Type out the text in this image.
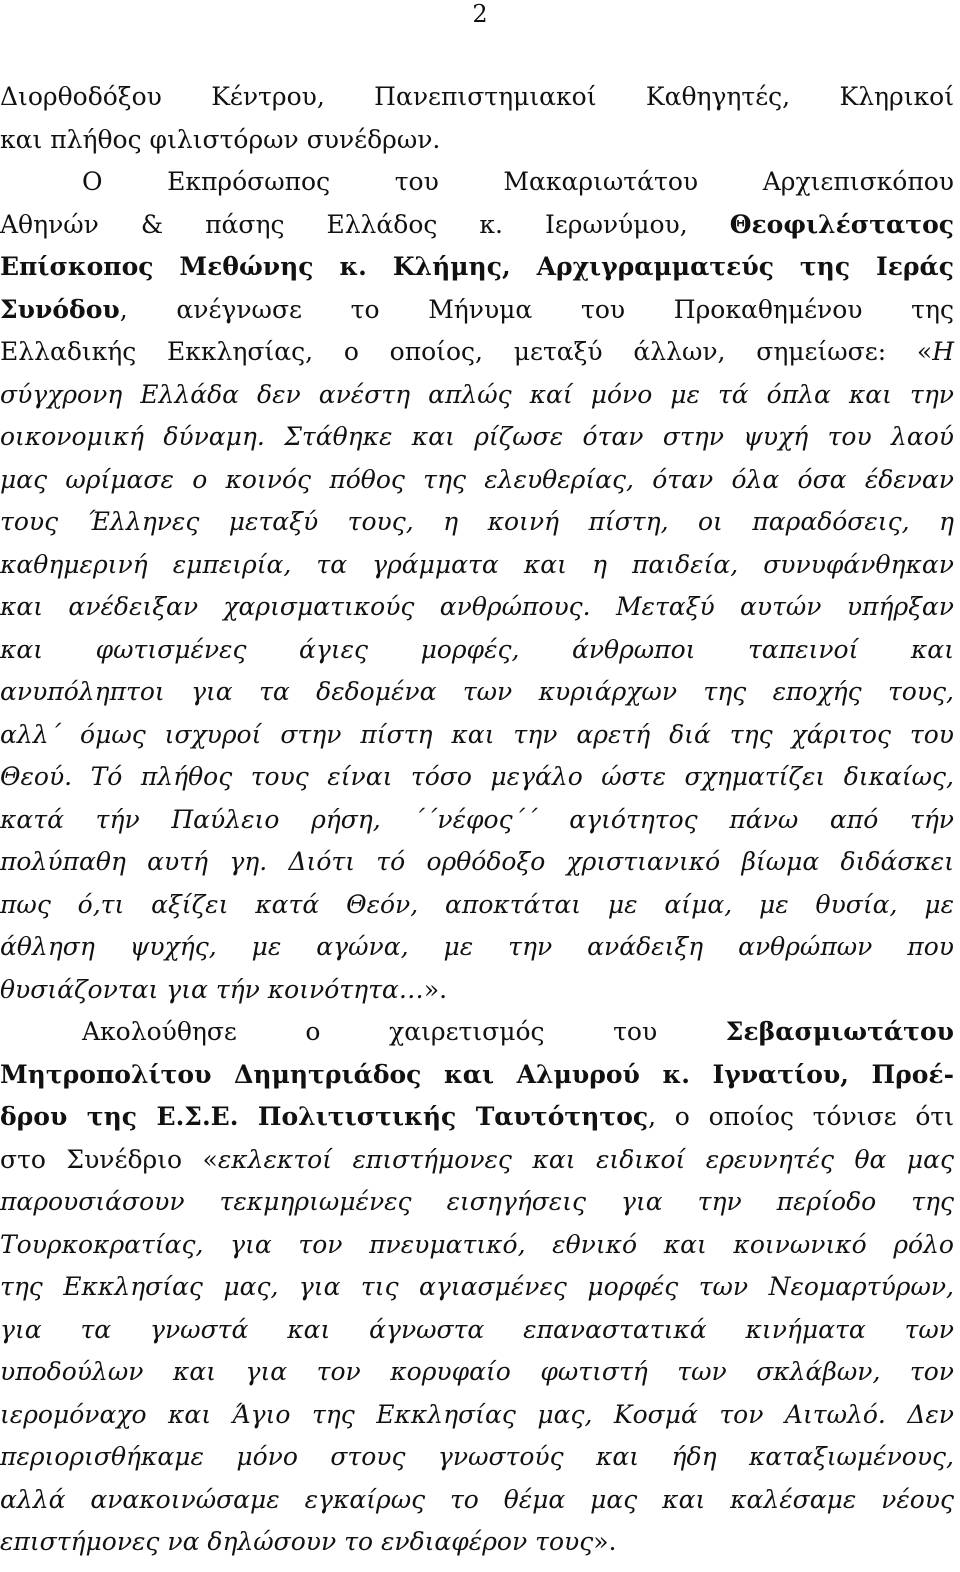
2
Διορθοδόξου Κέντρου, Πανεπιστημιακοί Καθηγητές, Κληρικοί
και πλήθος φιλιστόρων συνέδρων.
Ο Εκπρόσωπος του Μακαριωτάτου Αρχιεπισκόπου
Αθηνών & πάσης Ελλάδος κ. Ιερωνύμου, Θεοφιλέστατος
Επίσκοπος Μεθώνης κ. Κλήμης, Αρχιγραμματεύς της Ιεράς
Συνόδου, ανέγνωσε το Μήνυμα του Προκαθημένου της
Ελλαδικής Εκκλησίας, ο οποίος, μεταξύ άλλων, σημείωσε: «Η
σύγχρονη Ελλάδα δεν ανέστη απλώς καί μόνο με τά όπλα και την
οικονομική δύναμη. Στάθηκε και ρίζωσε όταν στην ψυχή του λαού
μας ωρίμασε ο κοινός πόθος της ελευθερίας, όταν όλα όσα έδεναν
τους Έλληνες μεταξύ τους, η κοινή πίστη, οι παραδόσεις, η
καθημερινή εμπειρία, τα γράμματα και η παιδεία, συνυφάνθηκαν
και ανέδειξαν χαρισματικούς ανθρώπους. Μεταξύ αυτών υπήρξαν
και φωτισμένες άγιες μορφές, άνθρωποι ταπεινοί και
ανυπόληπτοι για τα δεδομένα των κυριάρχων της εποχής τους,
αλλ΄ όμως ισχυροί στην πίστη και την αρετή διά της χάριτος του
Θεού. Τό πλήθος τους είναι τόσο μεγάλο ώστε σχηματίζει δικαίως,
κατά τήν Παύλειο ρήση, ΄΄νέφος΄΄ αγιότητος πάνω από τήν
πολύπαθη αυτή γη. Διότι τό ορθόδοξο χριστιανικό βίωμα διδάσκει
πως ό,τι αξίζει κατά Θεόν, αποκτάται με αίμα, με θυσία, με
άθληση ψυχής, με αγώνα, με την ανάδειξη ανθρώπων που
θυσιάζονται για τήν κοινότητα…».
Ακολούθησε ο χαιρετισμός του Σεβασμιωτάτου
Μητροπολίτου Δημητριάδος και Αλμυρού κ. Ιγνατίου, Προέ-
δρου της Ε.Σ.Ε. Πολιτιστικής Ταυτότητος, ο οποίος τόνισε ότι
στο Συνέδριο «εκλεκτοί επιστήμονες και ειδικοί ερευνητές θα μας
παρουσιάσουν τεκμηριωμένες εισηγήσεις για την περίοδο της
Τουρκοκρατίας, για τον πνευματικό, εθνικό και κοινωνικό ρόλο
της Εκκλησίας μας, για τις αγιασμένες μορφές των Νεομαρτύρων,
για τα γνωστά και άγνωστα επαναστατικά κινήματα των
υποδούλων και για τον κορυφαίο φωτιστή των σκλάβων, τον
ιερομόναχο και Άγιο της Εκκλησίας μας, Κοσμά τον Αιτωλό. Δεν
περιορισθήκαμε μόνο στους γνωστούς και ήδη καταξιωμένους,
αλλά ανακοινώσαμε εγκαίρως το θέμα μας και καλέσαμε νέους
επιστήμονες να δηλώσουν το ενδιαφέρον τους».
